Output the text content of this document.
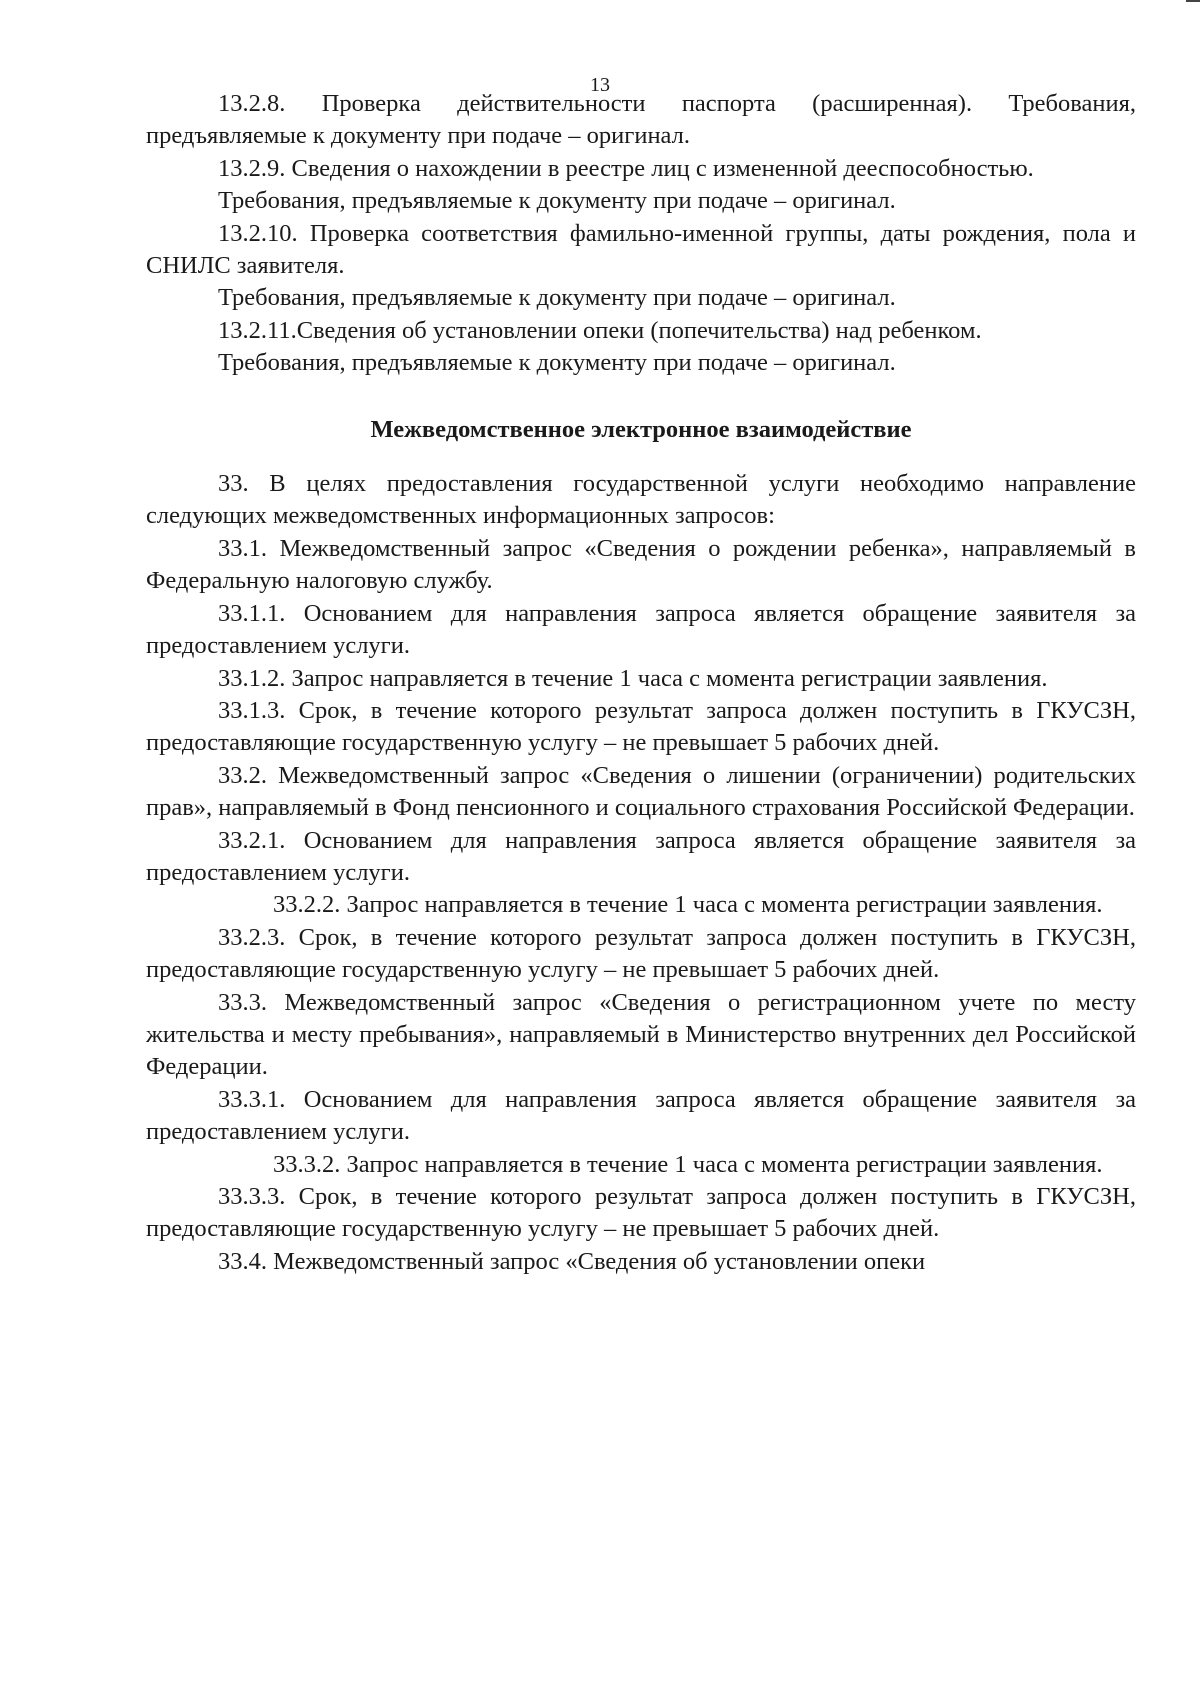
13

13.2.8. Проверка действительности паспорта (расширенная). Требования, предъявляемые к документу при подаче – оригинал.

13.2.9. Сведения о нахождении в реестре лиц с измененной дееспособностью.

Требования, предъявляемые к документу при подаче – оригинал.

13.2.10. Проверка соответствия фамильно-именной группы, даты рождения, пола и СНИЛС заявителя.

Требования, предъявляемые к документу при подаче – оригинал.

13.2.11.Сведения об установлении опеки (попечительства) над ребенком.

Требования, предъявляемые к документу при подаче – оригинал.

Межведомственное электронное взаимодействие

33. В целях предоставления государственной услуги необходимо направление следующих межведомственных информационных запросов:

33.1. Межведомственный запрос «Сведения о рождении ребенка», направляемый в Федеральную налоговую службу.

33.1.1. Основанием для направления запроса является обращение заявителя за предоставлением услуги.

33.1.2. Запрос направляется в течение 1 часа с момента регистрации заявления.

33.1.3. Срок, в течение которого результат запроса должен поступить в ГКУСЗН, предоставляющие государственную услугу – не превышает 5 рабочих дней.

33.2. Межведомственный запрос «Сведения о лишении (ограничении) родительских прав», направляемый в Фонд пенсионного и социального страхования Российской Федерации.

33.2.1. Основанием для направления запроса является обращение заявителя за предоставлением услуги.

33.2.2. Запрос направляется в течение 1 часа с момента регистрации заявления.

33.2.3. Срок, в течение которого результат запроса должен поступить в ГКУСЗН, предоставляющие государственную услугу – не превышает 5 рабочих дней.

33.3. Межведомственный запрос «Сведения о регистрационном учете по месту жительства и месту пребывания», направляемый в Министерство внутренних дел Российской Федерации.

33.3.1. Основанием для направления запроса является обращение заявителя за предоставлением услуги.

33.3.2. Запрос направляется в течение 1 часа с момента регистрации заявления.

33.3.3. Срок, в течение которого результат запроса должен поступить в ГКУСЗН, предоставляющие государственную услугу – не превышает 5 рабочих дней.

33.4. Межведомственный запрос «Сведения об установлении опеки
